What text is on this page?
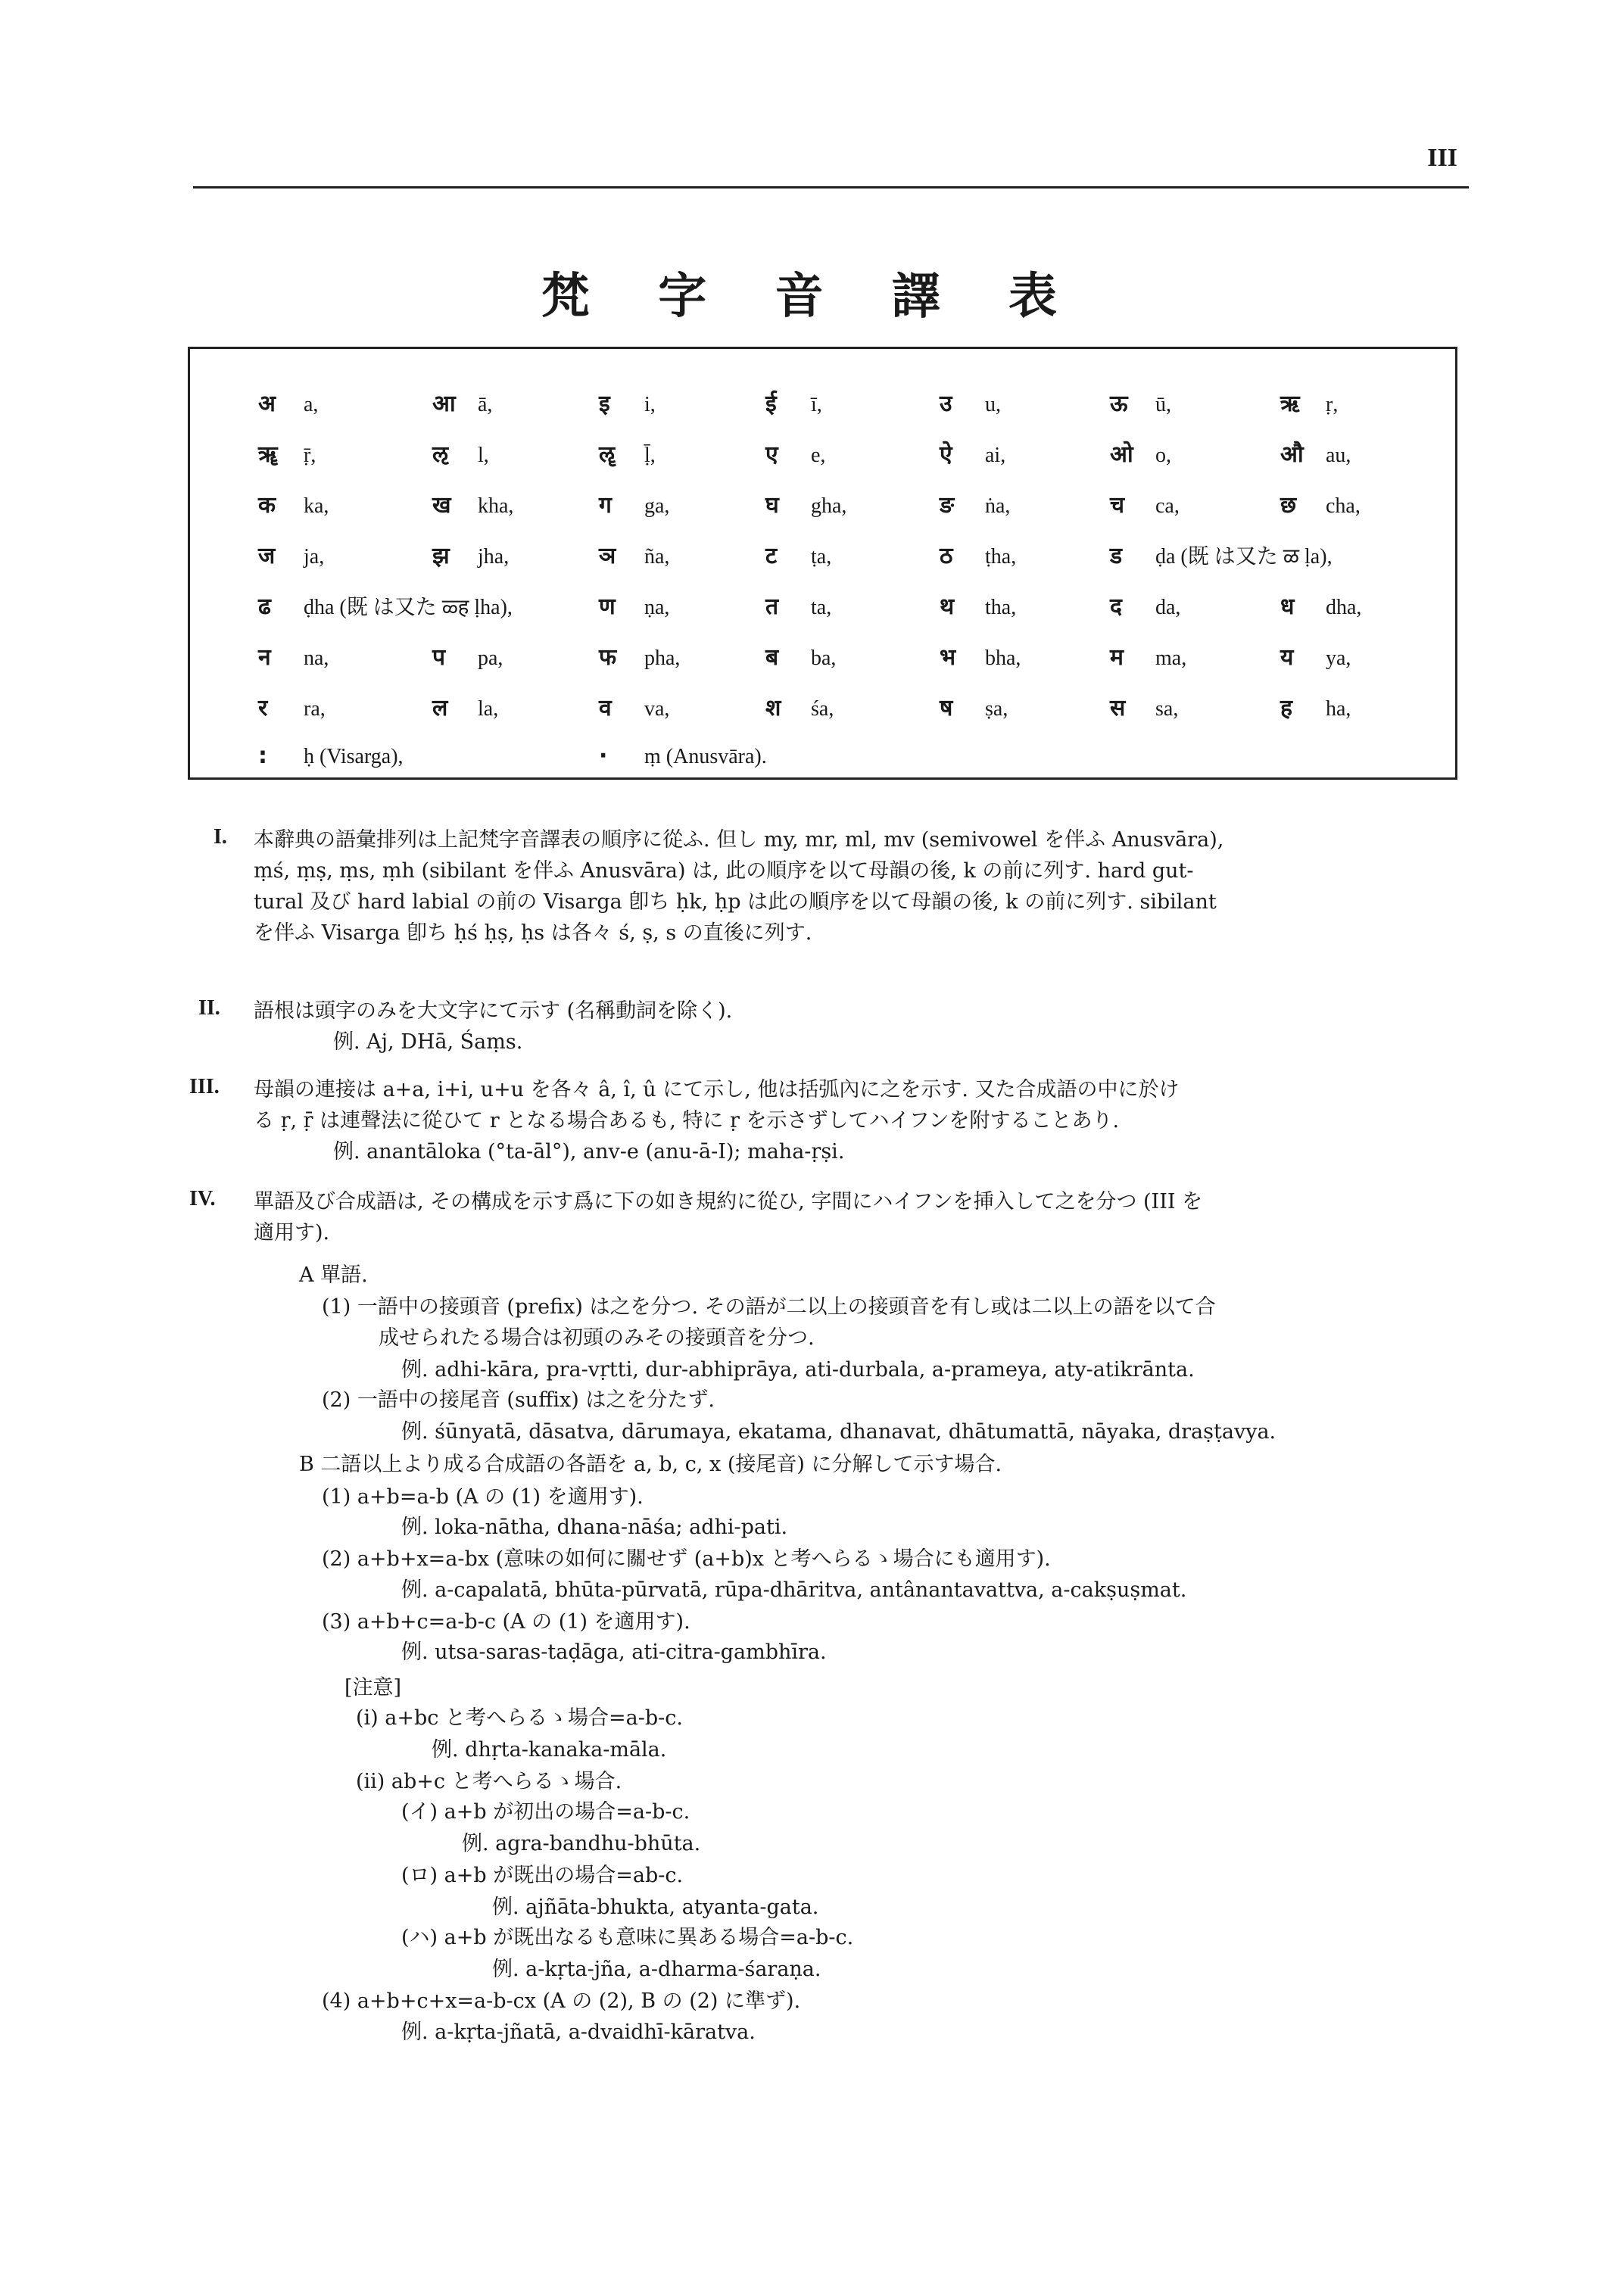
III
梵 字 音 譯 表
अ a,	आ ā,	इ i,	ई ī,	उ u,	ऊ ū,	ऋ ṛ,
ॠ ṝ,	ऌ l,	ॡ ḹ,	ए e,	ऐ ai,	ओ o,	औ au,
क ka,	ख kha,	ग ga,	घ gha,	ङ ṅa,	च ca,	छ cha,
ज ja,	झ jha,	ञ ña,	ट ṭa,	ठ ṭha,	ड ḍa (既 は又た ळ ḷa),
ढ ḍha (既 は又た ळ्ह ḷha),	ण ṇa,	त ta,	थ tha,	द da,	ध dha,
न na,	प pa,	फ pha,	ब ba,	भ bha,	म ma,	य ya,
र ra,	ल la,	व va,	श śa,	ष ṣa,	स sa,	ह ha,
: ḥ (Visarga),	· ṃ (Anusvāra).
I. 本辭典の語彙排列は上記梵字音譯表の順序に從ふ. 但し my, mr, ml, mv (semivowel を伴ふ Anusvāra),
ṃś, ṃṣ, ṃs, ṃh (sibilant を伴ふ Anusvāra) は, 此の順序を以て母韻の後, k の前に列す. hard gut-
tural 及び hard labial の前の Visarga 卽ち ḥk, ḥp は此の順序を以て母韻の後, k の前に列す. sibilant
を伴ふ Visarga 卽ち ḥś ḥṣ, ḥs は各々 ś, ṣ, s の直後に列す.
II. 語根は頭字のみを大文字にて示す (名稱動詞を除く).
例. Aj, DHā, Śaṃs.
III. 母韻の連接は a+a, i+i, u+u を各々 â, î, û にて示し, 他は括弧內に之を示す. 又た合成語の中に於け
る ṛ, ṝ は連聲法に從ひて r となる場合あるも, 特に ṛ を示さずしてハイフンを附することあり.
例. anantāloka (°ta-āl°), anv-e (anu-ā-I); maha-ṛṣi.
IV. 單語及び合成語は, その構成を示す爲に下の如き規約に從ひ, 字間にハイフンを挿入して之を分つ (III を
適用す).
A 單語.
(1) 一語中の接頭音 (prefix) は之を分つ. その語が二以上の接頭音を有し或は二以上の語を以て合
成せられたる場合は初頭のみその接頭音を分つ.
例. adhi-kāra, pra-vṛtti, dur-abhiprāya, ati-durbala, a-prameya, aty-atikrānta.
(2) 一語中の接尾音 (suffix) は之を分たず.
例. śūnyatā, dāsatva, dārumaya, ekatama, dhanavat, dhātumattā, nāyaka, draṣṭavya.
B 二語以上より成る合成語の各語を a, b, c, x (接尾音) に分解して示す場合.
(1) a+b=a-b (A の (1) を適用す).
例. loka-nātha, dhana-nāśa; adhi-pati.
(2) a+b+x=a-bx (意味の如何に關せず (a+b)x と考へらるゝ場合にも適用す).
例. a-capalatā, bhūta-pūrvatā, rūpa-dhāritva, antânantavattva, a-cakṣuṣmat.
(3) a+b+c=a-b-c (A の (1) を適用す).
例. utsa-saras-taḍāga, ati-citra-gambhīra.
[注意]
(i) a+bc と考へらるゝ場合=a-b-c.
例. dhṛta-kanaka-māla.
(ii) ab+c と考へらるゝ場合.
(イ) a+b が初出の場合=a-b-c.
例. agra-bandhu-bhūta.
(ロ) a+b が既出の場合=ab-c.
例. ajñāta-bhukta, atyanta-gata.
(ハ) a+b が既出なるも意味に異ある場合=a-b-c.
例. a-kṛta-jña, a-dharma-śaraṇa.
(4) a+b+c+x=a-b-cx (A の (2), B の (2) に準ず).
例. a-kṛta-jñatā, a-dvaidhī-kāratva.
